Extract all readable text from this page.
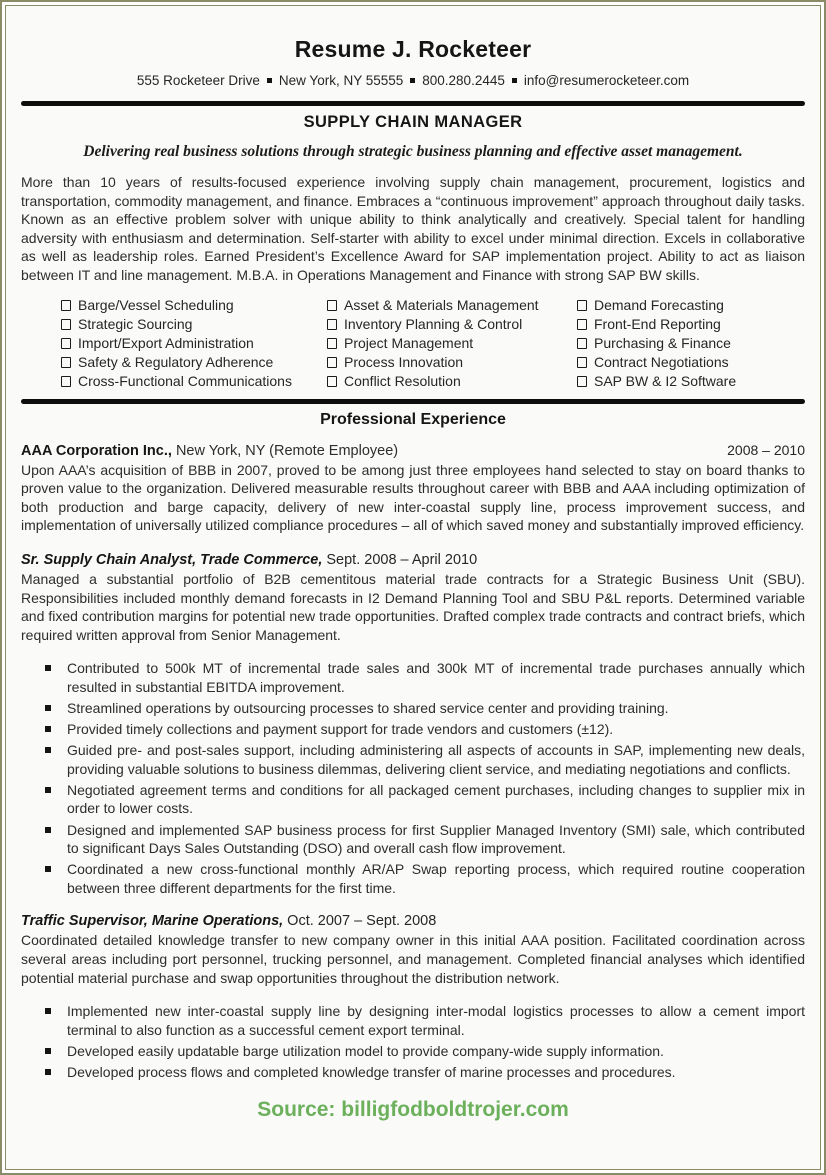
Resume J. Rocketeer
555 Rocketeer Drive New York, NY 55555 800.280.2445 info@resumerocketeer.com
SUPPLY CHAIN MANAGER

Delivering real business solutions through strategic business planning and effective asset management.

More than 10 years of results-focused experience involving supply chain management, procurement, logistics and transportation, commodity management, and finance. Embraces a “continuous improvement” approach throughout daily tasks. Known as an effective problem solver with unique ability to think analytically and creatively. Special talent for handling adversity with enthusiasm and determination. Self-starter with ability to excel under minimal direction. Excels in collaborative as well as leadership roles. Earned President’s Excellence Award for SAP implementation project. Ability to act as liaison between IT and line management. M.B.A. in Operations Management and Finance with strong SAP BW skills.

Barge/Vessel Scheduling
Strategic Sourcing
Import/Export Administration
Safety & Regulatory Adherence
Cross-Functional Communications
Asset & Materials Management
Inventory Planning & Control
Project Management
Process Innovation
Conflict Resolution
Demand Forecasting
Front-End Reporting
Purchasing & Finance
Contract Negotiations
SAP BW & I2 Software
Professional Experience
AAA Corporation Inc., New York, NY (Remote Employee)	2008 – 2010

Upon AAA’s acquisition of BBB in 2007, proved to be among just three employees hand selected to stay on board thanks to proven value to the organization. Delivered measurable results throughout career with BBB and AAA including optimization of both production and barge capacity, delivery of new inter-coastal supply line, process improvement success, and implementation of universally utilized compliance procedures – all of which saved money and substantially improved efficiency.

Sr. Supply Chain Analyst, Trade Commerce, Sept. 2008 – April 2010

Managed a substantial portfolio of B2B cementitous material trade contracts for a Strategic Business Unit (SBU). Responsibilities included monthly demand forecasts in I2 Demand Planning Tool and SBU P&L reports. Determined variable and fixed contribution margins for potential new trade opportunities. Drafted complex trade contracts and contract briefs, which required written approval from Senior Management.

Contributed to 500k MT of incremental trade sales and 300k MT of incremental trade purchases annually which resulted in substantial EBITDA improvement.
Streamlined operations by outsourcing processes to shared service center and providing training.
Provided timely collections and payment support for trade vendors and customers (±12).
Guided pre- and post-sales support, including administering all aspects of accounts in SAP, implementing new deals, providing valuable solutions to business dilemmas, delivering client service, and mediating negotiations and conflicts.
Negotiated agreement terms and conditions for all packaged cement purchases, including changes to supplier mix in order to lower costs.
Designed and implemented SAP business process for first Supplier Managed Inventory (SMI) sale, which contributed to significant Days Sales Outstanding (DSO) and overall cash flow improvement.
Coordinated a new cross-functional monthly AR/AP Swap reporting process, which required routine cooperation between three different departments for the first time.
Traffic Supervisor, Marine Operations, Oct. 2007 – Sept. 2008

Coordinated detailed knowledge transfer to new company owner in this initial AAA position. Facilitated coordination across several areas including port personnel, trucking personnel, and management. Completed financial analyses which identified potential material purchase and swap opportunities throughout the distribution network.

Implemented new inter-coastal supply line by designing inter-modal logistics processes to allow a cement import terminal to also function as a successful cement export terminal.
Developed easily updatable barge utilization model to provide company-wide supply information.
Developed process flows and completed knowledge transfer of marine processes and procedures.
Source: billigfodboldtrojer.com
